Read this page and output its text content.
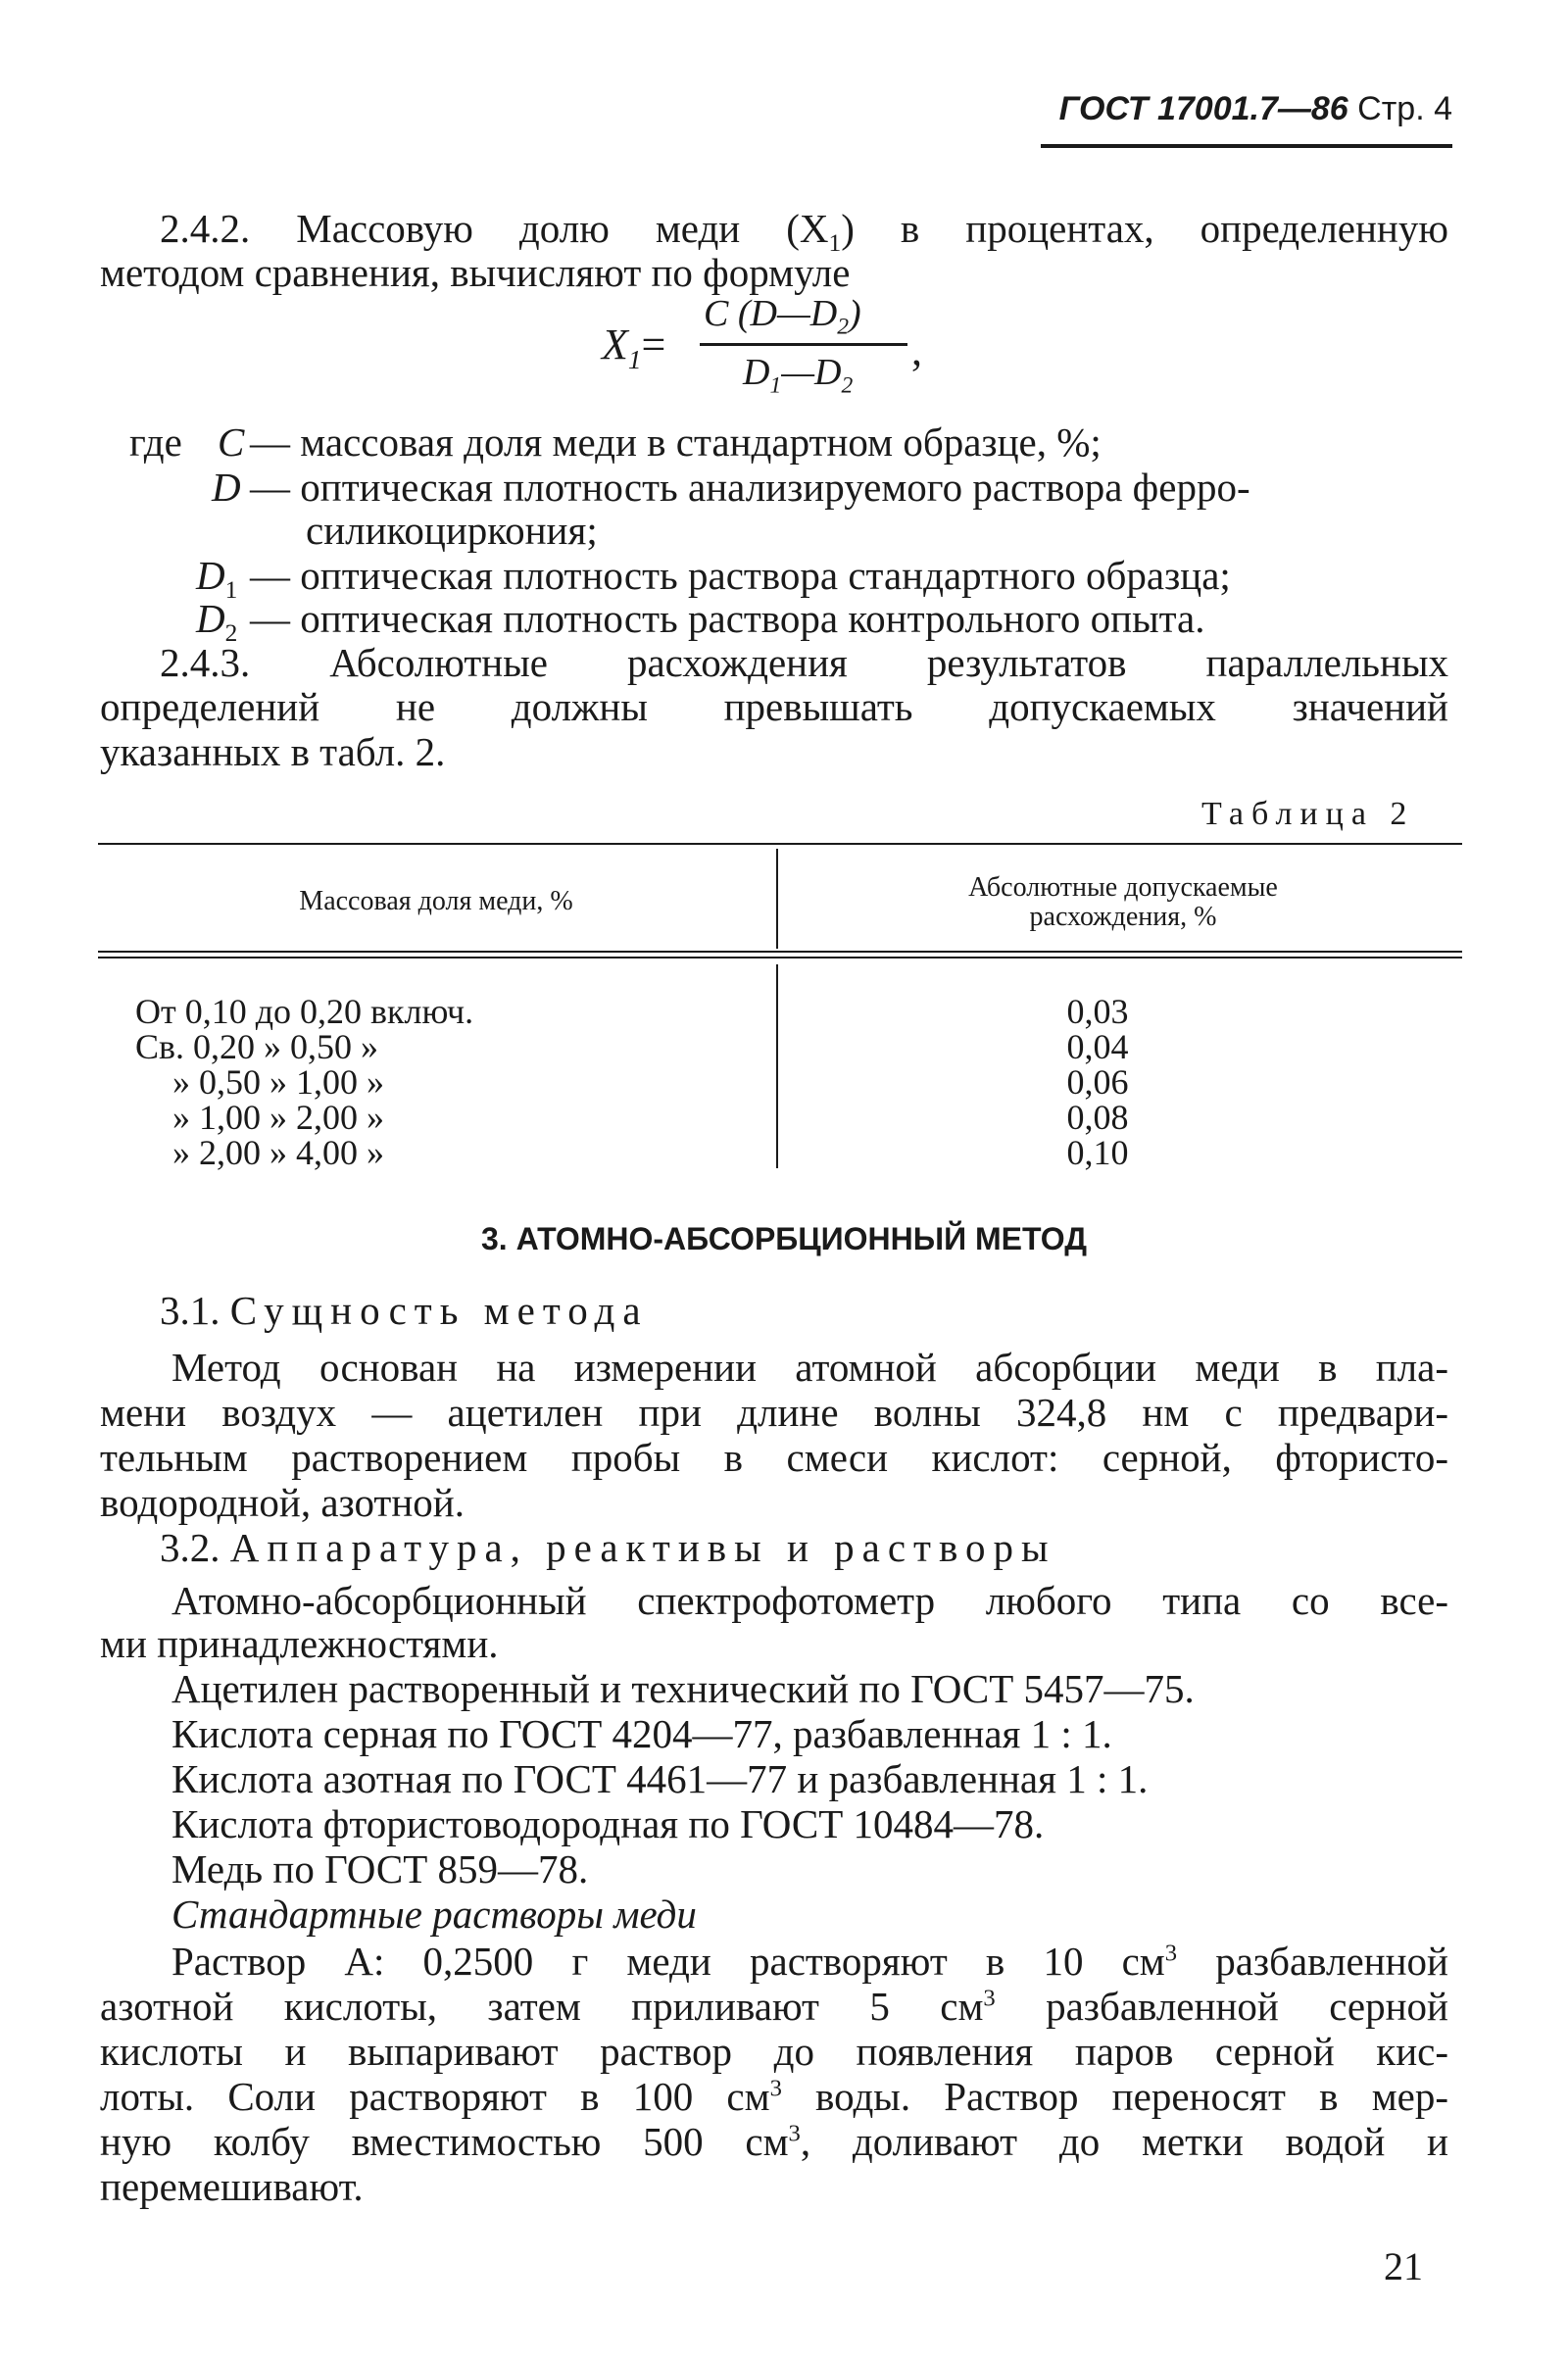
ГОСТ 17001.7—86 Стр. 4
2.4.2. Массовую долю меди $(X_1)$ в процентах, определенную
методом сравнения, вычисляют по формуле
$X_1=$
C $(D—D_2)$
$D_1—D_2$
,
где C — массовая доля меди в стандартном образце, %;
D — оптическая плотность анализируемого раствора ферро-
силикоциркония;
$D_1$ — оптическая плотность раствора стандартного образца;
$D_2$ — оптическая плотность раствора контрольного опыта.
2.4.3. Абсолютные расхождения результатов параллельных
определений не должны превышать допускаемых значений
указанных в табл. 2.
Таблица 2
Массовая доля меди, %	Абсолютные допускаемые
расхождения, %
От 0,10 до 0,20 включ.	0,03
Св. 0,20 » 0,50 »	0,04
» 0,50 » 1,00 »	0,06
» 1,00 » 2,00 »	0,08
» 2,00 » 4,00 »	0,10
3. АТОМНО-АБСОРБЦИОННЫЙ МЕТОД
3.1. Сущность метода
Метод основан на измерении атомной абсорбции меди в пла-
мени воздух — ацетилен при длине волны 324,8 нм с предвари-
тельным растворением пробы в смеси кислот: серной, фтористо-
водородной, азотной.
3.2. Аппаратура, реактивы и растворы
Атомно-абсорбционный спектрофотометр любого типа со все-
ми принадлежностями.
Ацетилен растворенный и технический по ГОСТ 5457—75.
Кислота серная по ГОСТ 4204—77, разбавленная 1 : 1.
Кислота азотная по ГОСТ 4461—77 и разбавленная 1 : 1.
Кислота фтористоводородная по ГОСТ 10484—78.
Медь по ГОСТ 859—78.
Стандартные растворы меди
Раствор А: 0,2500 г меди растворяют в 10 $см^3$ разбавленной
азотной кислоты, затем приливают 5 $см^3$ разбавленной серной
кислоты и выпаривают раствор до появления паров серной кис-
лоты. Соли растворяют в 100 $см^3$ воды. Раствор переносят в мер-
ную колбу вместимостью 500 $см^3$, доливают до метки водой и
перемешивают.
21
